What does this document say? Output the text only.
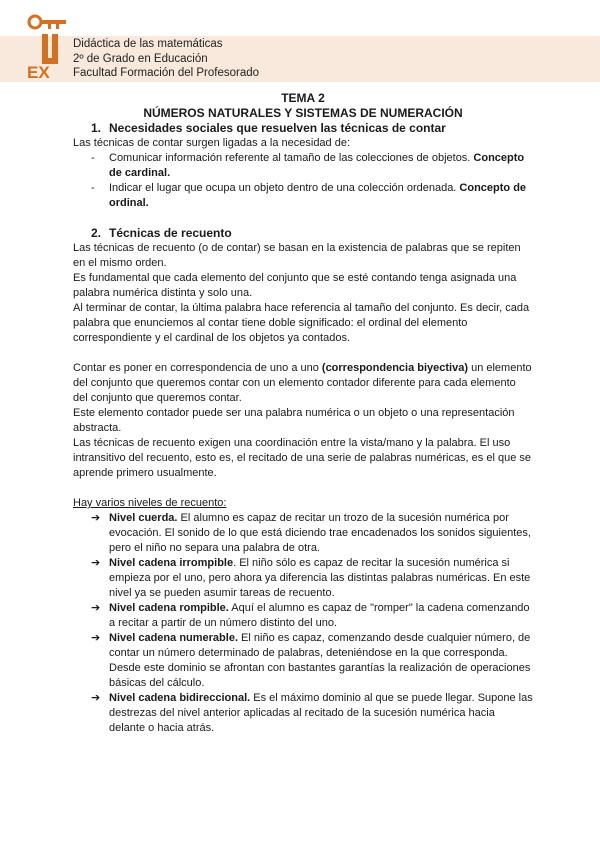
EX
Didáctica de las matemáticas
2º de Grado en Educación
Facultad Formación del Profesorado
TEMA 2
NÚMEROS NATURALES Y SISTEMAS DE NUMERACIÓN
1. Necesidades sociales que resuelven las técnicas de contar

Las técnicas de contar surgen ligadas a la necesidad de:

- Comunicar información referente al tamaño de las colecciones de objetos. Concepto de cardinal.
- Indicar el lugar que ocupa un objeto dentro de una colección ordenada. Concepto de ordinal.
2. Técnicas de recuento

Las técnicas de recuento (o de contar) se basan en la existencia de palabras que se repiten en el mismo orden.

Es fundamental que cada elemento del conjunto que se esté contando tenga asignada una palabra numérica distinta y solo una.

Al terminar de contar, la última palabra hace referencia al tamaño del conjunto. Es decir, cada palabra que enunciemos al contar tiene doble significado: el ordinal del elemento correspondiente y el cardinal de los objetos ya contados.

Contar es poner en correspondencia de uno a uno (correspondencia biyectiva) un elemento del conjunto que queremos contar con un elemento contador diferente para cada elemento del conjunto que queremos contar.

Este elemento contador puede ser una palabra numérica o un objeto o una representación abstracta.

Las técnicas de recuento exigen una coordinación entre la vista/mano y la palabra. El uso intransitivo del recuento, esto es, el recitado de una serie de palabras numéricas, es el que se aprende primero usualmente.

Hay varios niveles de recuento:

➔ Nivel cuerda. El alumno es capaz de recitar un trozo de la sucesión numérica por evocación. El sonido de lo que está diciendo trae encadenados los sonidos siguientes, pero el niño no separa una palabra de otra.
➔ Nivel cadena irrompible. El niño sólo es capaz de recitar la sucesión numérica si empieza por el uno, pero ahora ya diferencia las distintas palabras numéricas. En este nivel ya se pueden asumir tareas de recuento.
➔ Nivel cadena rompible. Aquí el alumno es capaz de "romper" la cadena comenzando a recitar a partir de un número distinto del uno.
➔ Nivel cadena numerable. El niño es capaz, comenzando desde cualquier número, de contar un número determinado de palabras, deteniéndose en la que corresponda. Desde este dominio se afrontan con bastantes garantías la realización de operaciones básicas del cálculo.
➔ Nivel cadena bidireccional. Es el máximo dominio al que se puede llegar. Supone las destrezas del nivel anterior aplicadas al recitado de la sucesión numérica hacia delante o hacia atrás.
